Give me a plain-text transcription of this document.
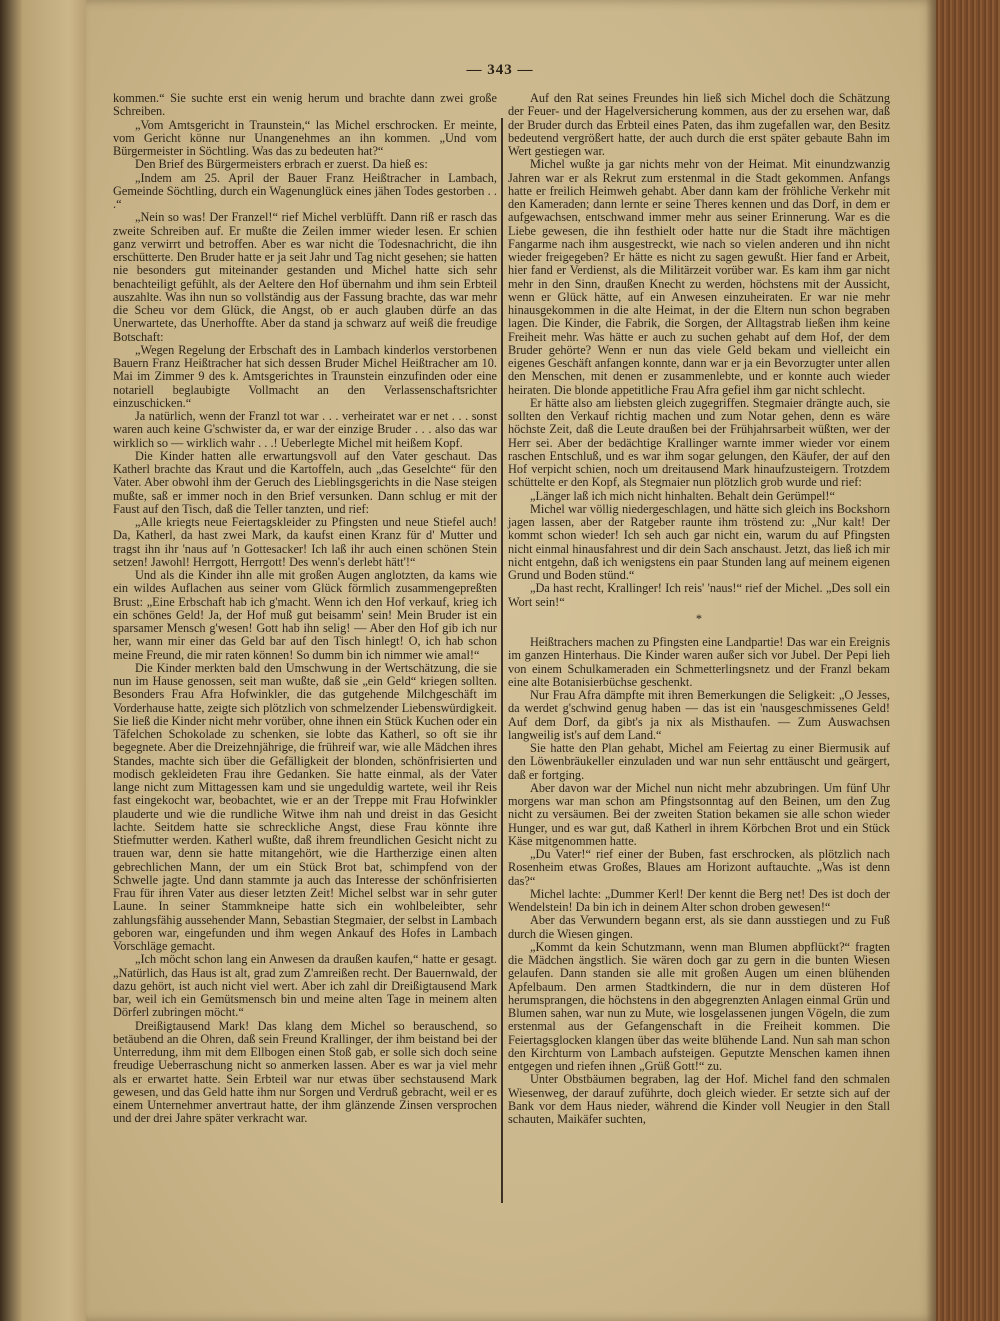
— 343 —

kommen.“ Sie suchte erst ein wenig herum und brachte dann zwei große Schreiben.

„Vom Amtsgericht in Traunstein,“ las Michel erschrocken. Er meinte, vom Gericht könne nur Unangenehmes an ihn kommen. „Und vom Bürgermeister in Söchtling. Was das zu bedeuten hat?“

Den Brief des Bürgermeisters erbrach er zuerst. Da hieß es:

„Indem am 25. April der Bauer Franz Heißtracher in Lambach, Gemeinde Söchtling, durch ein Wagenunglück eines jähen Todes gestorben . . .“

„Nein so was! Der Franzel!“ rief Michel verblüfft. Dann riß er rasch das zweite Schreiben auf. Er mußte die Zeilen immer wieder lesen. Er schien ganz verwirrt und betroffen. Aber es war nicht die Todesnachricht, die ihn erschütterte. Den Bruder hatte er ja seit Jahr und Tag nicht gesehen; sie hatten nie besonders gut miteinander gestanden und Michel hatte sich sehr benachteiligt gefühlt, als der Aeltere den Hof übernahm und ihm sein Erbteil auszahlte. Was ihn nun so vollständig aus der Fassung brachte, das war mehr die Scheu vor dem Glück, die Angst, ob er auch glauben dürfe an das Unerwartete, das Unerhoffte. Aber da stand ja schwarz auf weiß die freudige Botschaft:

„Wegen Regelung der Erbschaft des in Lambach kinderlos verstorbenen Bauern Franz Heißtracher hat sich dessen Bruder Michel Heißtracher am 10. Mai im Zimmer 9 des k. Amtsgerichtes in Traunstein einzufinden oder eine notariell beglaubigte Vollmacht an den Verlassenschaftsrichter einzuschicken.“

Ja natürlich, wenn der Franzl tot war . . . verheiratet war er net . . . sonst waren auch keine G'schwister da, er war der einzige Bruder . . . also das war wirklich so — wirklich wahr . . .! Ueberlegte Michel mit heißem Kopf.

Die Kinder hatten alle erwartungsvoll auf den Vater geschaut. Das Katherl brachte das Kraut und die Kartoffeln, auch „das Geselchte“ für den Vater. Aber obwohl ihm der Geruch des Lieblingsgerichts in die Nase steigen mußte, saß er immer noch in den Brief versunken. Dann schlug er mit der Faust auf den Tisch, daß die Teller tanzten, und rief:

„Alle kriegts neue Feiertagskleider zu Pfingsten und neue Stiefel auch! Da, Katherl, da hast zwei Mark, da kaufst einen Kranz für d' Mutter und tragst ihn ihr 'naus auf 'n Gottesacker! Ich laß ihr auch einen schönen Stein setzen! Jawohl! Herrgott, Herrgott! Des wenn's derlebt hätt'!“

Und als die Kinder ihn alle mit großen Augen anglotzten, da kams wie ein wildes Auflachen aus seiner vom Glück förmlich zusammengepreßten Brust: „Eine Erbschaft hab ich g'macht. Wenn ich den Hof verkauf, krieg ich ein schönes Geld! Ja, der Hof muß gut beisamm' sein! Mein Bruder ist ein sparsamer Mensch g'wesen! Gott hab ihn selig! — Aber den Hof gib ich nur her, wann mir einer das Geld bar auf den Tisch hinlegt! O, ich hab schon meine Freund, die mir raten können! So dumm bin ich nimmer wie amal!“

Die Kinder merkten bald den Umschwung in der Wertschätzung, die sie nun im Hause genossen, seit man wußte, daß sie „ein Geld“ kriegen sollten. Besonders Frau Afra Hofwinkler, die das gutgehende Milchgeschäft im Vorderhause hatte, zeigte sich plötzlich von schmelzender Liebenswürdigkeit. Sie ließ die Kinder nicht mehr vorüber, ohne ihnen ein Stück Kuchen oder ein Täfelchen Schokolade zu schenken, sie lobte das Katherl, so oft sie ihr begegnete. Aber die Dreizehnjährige, die frühreif war, wie alle Mädchen ihres Standes, machte sich über die Gefälligkeit der blonden, schönfrisierten und modisch gekleideten Frau ihre Gedanken. Sie hatte einmal, als der Vater lange nicht zum Mittagessen kam und sie ungeduldig wartete, weil ihr Reis fast eingekocht war, beobachtet, wie er an der Treppe mit Frau Hofwinkler plauderte und wie die rundliche Witwe ihm nah und dreist in das Gesicht lachte. Seitdem hatte sie schreckliche Angst, diese Frau könnte ihre Stiefmutter werden. Katherl wußte, daß ihrem freundlichen Gesicht nicht zu trauen war, denn sie hatte mitangehört, wie die Hartherzige einen alten gebrechlichen Mann, der um ein Stück Brot bat, schimpfend von der Schwelle jagte. Und dann stammte ja auch das Interesse der schönfrisierten Frau für ihren Vater aus dieser letzten Zeit! Michel selbst war in sehr guter Laune. In seiner Stammkneipe hatte sich ein wohlbeleibter, sehr zahlungsfähig aussehender Mann, Sebastian Stegmaier, der selbst in Lambach geboren war, eingefunden und ihm wegen Ankauf des Hofes in Lambach Vorschläge gemacht.

„Ich möcht schon lang ein Anwesen da draußen kaufen,“ hatte er gesagt. „Natürlich, das Haus ist alt, grad zum Z'amreißen recht. Der Bauernwald, der dazu gehört, ist auch nicht viel wert. Aber ich zahl dir Dreißigtausend Mark bar, weil ich ein Gemütsmensch bin und meine alten Tage in meinem alten Dörferl zubringen möcht.“

Dreißigtausend Mark! Das klang dem Michel so berauschend, so betäubend an die Ohren, daß sein Freund Krallinger, der ihm beistand bei der Unterredung, ihm mit dem Ellbogen einen Stoß gab, er solle sich doch seine freudige Ueberraschung nicht so anmerken lassen. Aber es war ja viel mehr als er erwartet hatte. Sein Erbteil war nur etwas über sechstausend Mark gewesen, und das Geld hatte ihm nur Sorgen und Verdruß gebracht, weil er es einem Unternehmer anvertraut hatte, der ihm glänzende Zinsen versprochen und der drei Jahre später verkracht war.

Auf den Rat seines Freundes hin ließ sich Michel doch die Schätzung der Feuer- und der Hagelversicherung kommen, aus der zu ersehen war, daß der Bruder durch das Erbteil eines Paten, das ihm zugefallen war, den Besitz bedeutend vergrößert hatte, der auch durch die erst später gebaute Bahn im Wert gestiegen war.

Michel wußte ja gar nichts mehr von der Heimat. Mit einundzwanzig Jahren war er als Rekrut zum erstenmal in die Stadt gekommen. Anfangs hatte er freilich Heimweh gehabt. Aber dann kam der fröhliche Verkehr mit den Kameraden; dann lernte er seine Theres kennen und das Dorf, in dem er aufgewachsen, entschwand immer mehr aus seiner Erinnerung. War es die Liebe gewesen, die ihn festhielt oder hatte nur die Stadt ihre mächtigen Fangarme nach ihm ausgestreckt, wie nach so vielen anderen und ihn nicht wieder freigegeben? Er hätte es nicht zu sagen gewußt. Hier fand er Arbeit, hier fand er Verdienst, als die Militärzeit vorüber war. Es kam ihm gar nicht mehr in den Sinn, draußen Knecht zu werden, höchstens mit der Aussicht, wenn er Glück hätte, auf ein Anwesen einzuheiraten. Er war nie mehr hinausgekommen in die alte Heimat, in der die Eltern nun schon begraben lagen. Die Kinder, die Fabrik, die Sorgen, der Alltagstrab ließen ihm keine Freiheit mehr. Was hätte er auch zu suchen gehabt auf dem Hof, der dem Bruder gehörte? Wenn er nun das viele Geld bekam und vielleicht ein eigenes Geschäft anfangen konnte, dann war er ja ein Bevorzugter unter allen den Menschen, mit denen er zusammenlebte, und er konnte auch wieder heiraten. Die blonde appetitliche Frau Afra gefiel ihm gar nicht schlecht.

Er hätte also am liebsten gleich zugegriffen. Stegmaier drängte auch, sie sollten den Verkauf richtig machen und zum Notar gehen, denn es wäre höchste Zeit, daß die Leute draußen bei der Frühjahrsarbeit wüßten, wer der Herr sei. Aber der bedächtige Krallinger warnte immer wieder vor einem raschen Entschluß, und es war ihm sogar gelungen, den Käufer, der auf den Hof verpicht schien, noch um dreitausend Mark hinaufzusteigern. Trotzdem schüttelte er den Kopf, als Stegmaier nun plötzlich grob wurde und rief:

„Länger laß ich mich nicht hinhalten. Behalt dein Gerümpel!“

Michel war völlig niedergeschlagen, und hätte sich gleich ins Bockshorn jagen lassen, aber der Ratgeber raunte ihm tröstend zu: „Nur kalt! Der kommt schon wieder! Ich seh auch gar nicht ein, warum du auf Pfingsten nicht einmal hinausfahrest und dir dein Sach anschaust. Jetzt, das ließ ich mir nicht entgehn, daß ich wenigstens ein paar Stunden lang auf meinem eigenen Grund und Boden stünd.“

„Da hast recht, Krallinger! Ich reis' 'naus!“ rief der Michel. „Des soll ein Wort sein!“

*

Heißtrachers machen zu Pfingsten eine Landpartie! Das war ein Ereignis im ganzen Hinterhaus. Die Kinder waren außer sich vor Jubel. Der Pepi lieh von einem Schulkameraden ein Schmetterlingsnetz und der Franzl bekam eine alte Botanisierbüchse geschenkt.

Nur Frau Afra dämpfte mit ihren Bemerkungen die Seligkeit: „O Jesses, da werdet g'schwind genug haben — das ist ein 'nausgeschmissenes Geld! Auf dem Dorf, da gibt's ja nix als Misthaufen. — Zum Auswachsen langweilig ist's auf dem Land.“

Sie hatte den Plan gehabt, Michel am Feiertag zu einer Biermusik auf den Löwenbräukeller einzuladen und war nun sehr enttäuscht und geärgert, daß er fortging.

Aber davon war der Michel nun nicht mehr abzubringen. Um fünf Uhr morgens war man schon am Pfingstsonntag auf den Beinen, um den Zug nicht zu versäumen. Bei der zweiten Station bekamen sie alle schon wieder Hunger, und es war gut, daß Katherl in ihrem Körbchen Brot und ein Stück Käse mitgenommen hatte.

„Du Vater!“ rief einer der Buben, fast erschrocken, als plötzlich nach Rosenheim etwas Großes, Blaues am Horizont auftauchte. „Was ist denn das?“

Michel lachte: „Dummer Kerl! Der kennt die Berg net! Des ist doch der Wendelstein! Da bin ich in deinem Alter schon droben gewesen!“

Aber das Verwundern begann erst, als sie dann ausstiegen und zu Fuß durch die Wiesen gingen.

„Kommt da kein Schutzmann, wenn man Blumen abpflückt?“ fragten die Mädchen ängstlich. Sie wären doch gar zu gern in die bunten Wiesen gelaufen. Dann standen sie alle mit großen Augen um einen blühenden Apfelbaum. Den armen Stadtkindern, die nur in dem düsteren Hof herumsprangen, die höchstens in den abgegrenzten Anlagen einmal Grün und Blumen sahen, war nun zu Mute, wie losgelassenen jungen Vögeln, die zum erstenmal aus der Gefangenschaft in die Freiheit kommen. Die Feiertagsglocken klangen über das weite blühende Land. Nun sah man schon den Kirchturm von Lambach aufsteigen. Geputzte Menschen kamen ihnen entgegen und riefen ihnen „Grüß Gott!“ zu.

Unter Obstbäumen begraben, lag der Hof. Michel fand den schmalen Wiesenweg, der darauf zuführte, doch gleich wieder. Er setzte sich auf der Bank vor dem Haus nieder, während die Kinder voll Neugier in den Stall schauten, Maikäfer suchten,
